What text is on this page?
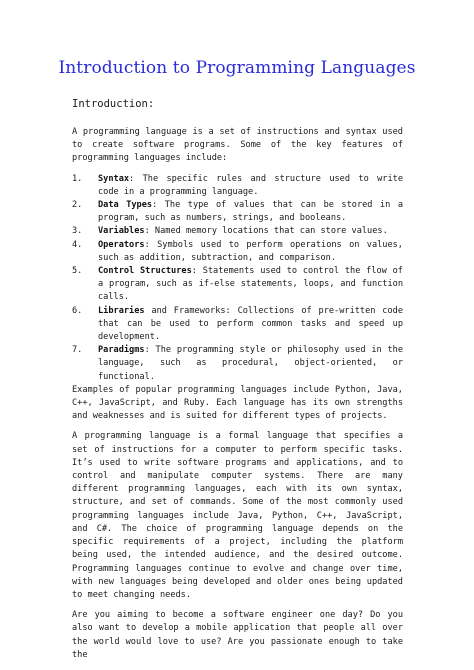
Introduction to Programming Languages
Introduction:

A programming language is a set of instructions and syntax used to create software programs. Some of the key features of programming languages include:

1.	Syntax: The specific rules and structure used to write code in a programming language.
2.	Data Types: The type of values that can be stored in a program, such as numbers, strings, and booleans.
3.	Variables: Named memory locations that can store values.
4.	Operators: Symbols used to perform operations on values, such as addition, subtraction, and comparison.
5.	Control Structures: Statements used to control the flow of a program, such as if-else statements, loops, and function calls.
6.	Libraries and Frameworks: Collections of pre-written code that can be used to perform common tasks and speed up development.
7.	Paradigms: The programming style or philosophy used in the language, such as procedural, object-oriented, or functional.

Examples of popular programming languages include Python, Java, C++, JavaScript, and Ruby. Each language has its own strengths and weaknesses and is suited for different types of projects.

A programming language is a formal language that specifies a set of instructions for a computer to perform specific tasks. It’s used to write software programs and applications, and to control and manipulate computer systems. There are many different programming languages, each with its own syntax, structure, and set of commands. Some of the most commonly used programming languages include Java, Python, C++, JavaScript, and C#. The choice of programming language depends on the specific requirements of a project, including the platform being used, the intended audience, and the desired outcome. Programming languages continue to evolve and change over time, with new languages being developed and older ones being updated to meet changing needs.

Are you aiming to become a software engineer one day? Do you also want to develop a mobile application that people all over the world would love to use? Are you passionate enough to take the
